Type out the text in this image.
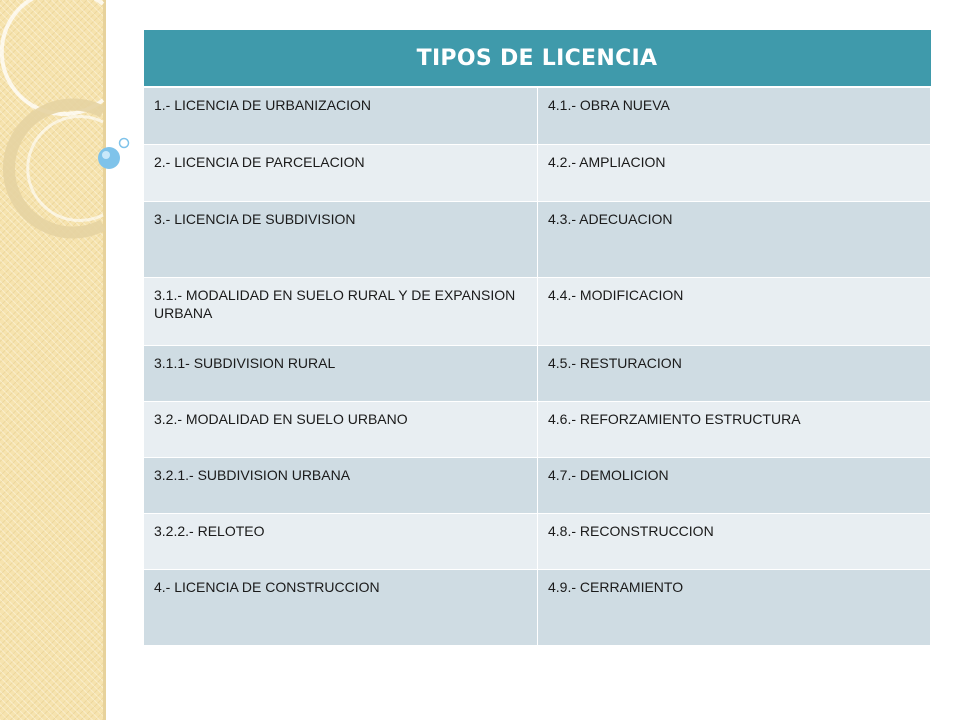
TIPOS DE LICENCIA	
1.- LICENCIA DE URBANIZACION	4.1.- OBRA NUEVA
2.- LICENCIA DE PARCELACION	4.2.- AMPLIACION
3.- LICENCIA DE SUBDIVISION	4.3.- ADECUACION
3.1.- MODALIDAD EN SUELO RURAL Y DE EXPANSION URBANA	4.4.- MODIFICACION
3.1.1- SUBDIVISION RURAL	4.5.- RESTURACION
3.2.- MODALIDAD EN SUELO URBANO	4.6.- REFORZAMIENTO ESTRUCTURA
3.2.1.- SUBDIVISION URBANA	4.7.- DEMOLICION
3.2.2.- RELOTEO	4.8.- RECONSTRUCCION
4.- LICENCIA DE CONSTRUCCION	4.9.- CERRAMIENTO
